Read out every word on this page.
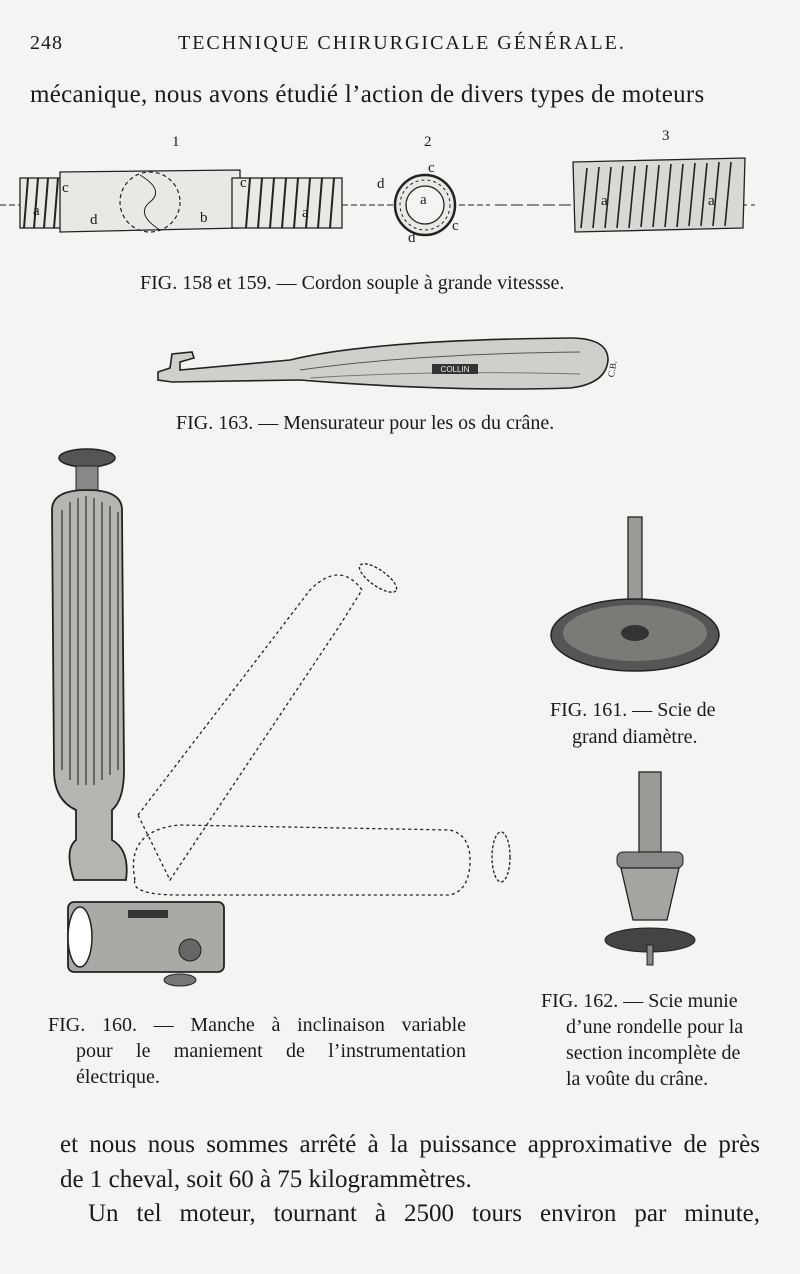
248	TECHNIQUE CHIRURGICALE GÉNÉRALE.
mécanique, nous avons étudié l’action de divers types de moteurs
1	2	3
a
c
d	b
c
a
c
d
a
c
d
a	a
FIG. 158 et 159. — Cordon souple à grande vitessse.
COLLIN	C.B.
FIG. 163. — Mensurateur pour les os du crâne.
FIG. 161. — Scie de
grand diamètre.
FIG. 160. — Manche à inclinaison variable
pour le maniement de l’instrumentation
électrique.
FIG. 162. — Scie munie
d’une rondelle pour la
section incomplète de
la voûte du crâne.
et nous nous sommes arrêté à la puissance approximative de près
de 1 cheval, soit 60 à 75 kilogrammètres.
Un tel moteur, tournant à 2500 tours environ par minute,
